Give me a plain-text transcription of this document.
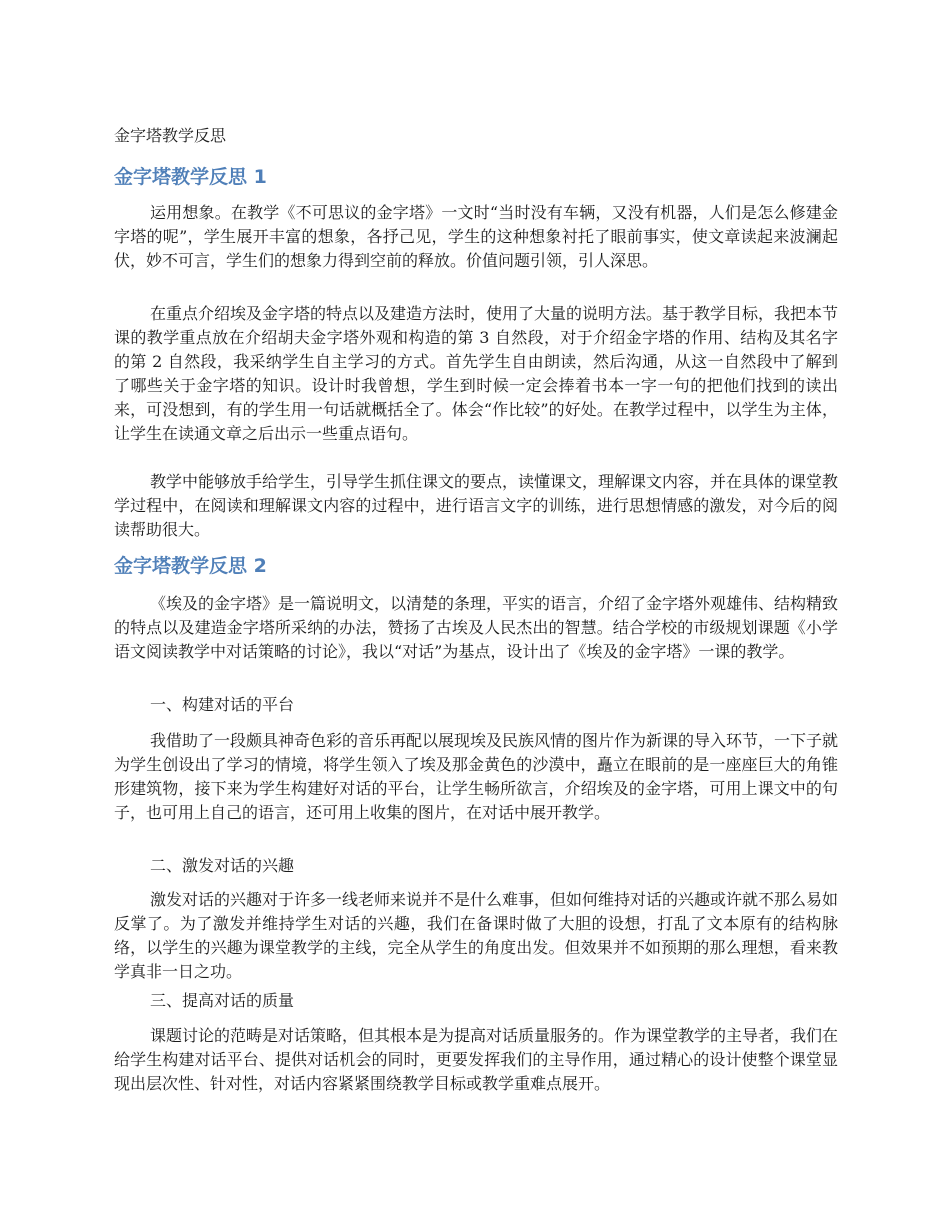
金字塔教学反思
金字塔教学反思 1

运用想象。在教学《不可思议的金字塔》一文时“当时没有车辆，又没有机器，人们是怎么修建金字塔的呢”，学生展开丰富的想象，各抒己见，学生的这种想象衬托了眼前事实，使文章读起来波澜起伏，妙不可言，学生们的想象力得到空前的释放。价值问题引领，引人深思。

在重点介绍埃及金字塔的特点以及建造方法时，使用了大量的说明方法。基于教学目标，我把本节课的教学重点放在介绍胡夫金字塔外观和构造的第 3 自然段，对于介绍金字塔的作用、结构及其名字的第 2 自然段，我采纳学生自主学习的方式。首先学生自由朗读，然后沟通，从这一自然段中了解到了哪些关于金字塔的知识。设计时我曾想，学生到时候一定会捧着书本一字一句的把他们找到的读出来，可没想到，有的学生用一句话就概括全了。体会“作比较”的好处。在教学过程中，以学生为主体，让学生在读通文章之后出示一些重点语句。

教学中能够放手给学生，引导学生抓住课文的要点，读懂课文，理解课文内容，并在具体的课堂教学过程中，在阅读和理解课文内容的过程中，进行语言文字的训练，进行思想情感的激发，对今后的阅读帮助很大。

金字塔教学反思 2

《埃及的金字塔》是一篇说明文，以清楚的条理，平实的语言，介绍了金字塔外观雄伟、结构精致的特点以及建造金字塔所采纳的办法，赞扬了古埃及人民杰出的智慧。结合学校的市级规划课题《小学语文阅读教学中对话策略的讨论》，我以“对话”为基点，设计出了《埃及的金字塔》一课的教学。

一、构建对话的平台

我借助了一段颇具神奇色彩的音乐再配以展现埃及民族风情的图片作为新课的导入环节，一下子就为学生创设出了学习的情境，将学生领入了埃及那金黄色的沙漠中，矗立在眼前的是一座座巨大的角锥形建筑物，接下来为学生构建好对话的平台，让学生畅所欲言，介绍埃及的金字塔，可用上课文中的句子，也可用上自己的语言，还可用上收集的图片，在对话中展开教学。

二、激发对话的兴趣

激发对话的兴趣对于许多一线老师来说并不是什么难事，但如何维持对话的兴趣或许就不那么易如反掌了。为了激发并维持学生对话的兴趣，我们在备课时做了大胆的设想，打乱了文本原有的结构脉络，以学生的兴趣为课堂教学的主线，完全从学生的角度出发。但效果并不如预期的那么理想，看来教学真非一日之功。

三、提高对话的质量

课题讨论的范畴是对话策略，但其根本是为提高对话质量服务的。作为课堂教学的主导者，我们在给学生构建对话平台、提供对话机会的同时，更要发挥我们的主导作用，通过精心的设计使整个课堂显现出层次性、针对性，对话内容紧紧围绕教学目标或教学重难点展开。
